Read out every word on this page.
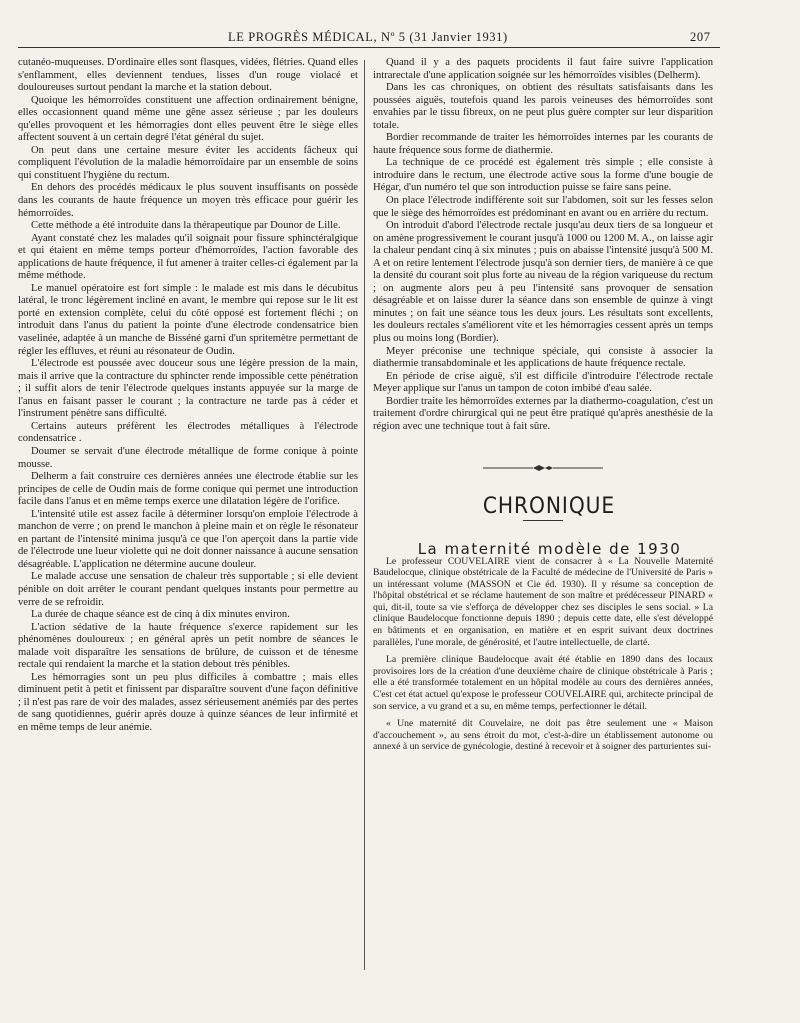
LE PROGRÈS MÉDICAL, Nº 5 (31 Janvier 1931)	207

cutanéo-muqueuses. D'ordinaire elles sont flasques, vidées, flétries. Quand elles s'enflamment, elles deviennent tendues, lisses d'un rouge violacé et douloureuses surtout pendant la marche et la station debout.

Quoique les hémorroïdes constituent une affection ordinairement bénigne, elles occasionnent quand même une gêne assez sérieuse ; par les douleurs qu'elles provoquent et les hémorragies dont elles peuvent être le siège elles affectent souvent à un certain degré l'état général du sujet.

On peut dans une certaine mesure éviter les accidents fâcheux qui compliquent l'évolution de la maladie hémorroïdaire par un ensemble de soins qui constituent l'hygiène du rectum.

En dehors des procédés médicaux le plus souvent insuffisants on possède dans les courants de haute fréquence un moyen très efficace pour guérir les hémorroïdes.

Cette méthode a été introduite dans la thérapeutique par Dounor de Lille.

Ayant constaté chez les malades qu'il soignait pour fissure sphinctéralgique et qui étaient en même temps porteur d'hémorroïdes, l'action favorable des applications de haute fréquence, il fut amener à traiter celles-ci également par la même méthode.

Le manuel opératoire est fort simple : le malade est mis dans le décubitus latéral, le tronc légèrement incliné en avant, le membre qui repose sur le lit est porté en extension complète, celui du côté opposé est fortement fléchi ; on introduit dans l'anus du patient la pointe d'une électrode condensatrice bien vaselinée, adaptée à un manche de Bisséné garni d'un spritemètre permettant de régler les effluves, et réuni au résonateur de Oudin.

L'électrode est poussée avec douceur sous une légère pression de la main, mais il arrive que la contracture du sphincter rende impossible cette pénétration ; il suffit alors de tenir l'électrode quelques instants appuyée sur la marge de l'anus en faisant passer le courant ; la contracture ne tarde pas à céder et l'instrument pénètre sans difficulté.

Certains auteurs préfèrent les électrodes métalliques à l'électrode condensatrice .

Doumer se servait d'une électrode métallique de forme conique à pointe mousse.

Delherm a fait construire ces dernières années une électrode établie sur les principes de celle de Oudin mais de forme conique qui permet une introduction facile dans l'anus et en même temps exerce une dilatation légère de l'orifice.

L'intensité utile est assez facile à déterminer lorsqu'on emploie l'électrode à manchon de verre ; on prend le manchon à pleine main et on règle le résonateur en partant de l'intensité minima jusqu'à ce que l'on aperçoit dans la partie vide de l'électrode une lueur violette qui ne doit donner naissance à aucune sensation désagréable. L'application ne détermine aucune douleur.

Le malade accuse une sensation de chaleur très supportable ; si elle devient pénible on doit arrêter le courant pendant quelques instants pour permettre au verre de se refroidir.

La durée de chaque séance est de cinq à dix minutes environ.

L'action sédative de la haute fréquence s'exerce rapidement sur les phénomènes douloureux ; en général après un petit nombre de séances le malade voit disparaître les sensations de brûlure, de cuisson et de ténesme rectale qui rendaient la marche et la station debout très pénibles.

Les hémorragies sont un peu plus difficiles à combattre ; mais elles diminuent petit à petit et finissent par disparaître souvent d'une façon définitive ; il n'est pas rare de voir des malades, assez sérieusement anémiés par des pertes de sang quotidiennes, guérir après douze à quinze séances de leur infirmité et en même temps de leur anémie.

Quand il y a des paquets procidents il faut faire suivre l'application intrarectale d'une application soignée sur les hémorroïdes visibles (Delherm).

Dans les cas chroniques, on obtient des résultats satisfaisants dans les poussées aiguës, toutefois quand les parois veineuses des hémorroïdes sont envahies par le tissu fibreux, on ne peut plus guère compter sur leur disparition totale.

Bordier recommande de traiter les hémorroïdes internes par les courants de haute fréquence sous forme de diathermie.

La technique de ce procédé est également très simple ; elle consiste à introduire dans le rectum, une électrode active sous la forme d'une bougie de Hégar, d'un numéro tel que son introduction puisse se faire sans peine.

On place l'électrode indifférente soit sur l'abdomen, soit sur les fesses selon que le siège des hémorroïdes est prédominant en avant ou en arrière du rectum.

On introduit d'abord l'électrode rectale jusqu'au deux tiers de sa longueur et on amène progressivement le courant jusqu'à 1000 ou 1200 M. A., on laisse agir la chaleur pendant cinq à six minutes ; puis on abaisse l'intensité jusqu'à 500 M. A et on retire lentement l'électrode jusqu'à son dernier tiers, de manière à ce que la densité du courant soit plus forte au niveau de la région variqueuse du rectum ; on augmente alors peu à peu l'intensité sans provoquer de sensation désagréable et on laisse durer la séance dans son ensemble de quinze à vingt minutes ; on fait une séance tous les deux jours. Les résultats sont excellents, les douleurs rectales s'améliorent vite et les hémorragies cessent après un temps plus ou moins long (Bordier).

Meyer préconise une technique spéciale, qui consiste à associer la diathermie transabdominale et les applications de haute fréquence rectale.

En période de crise aiguë, s'il est difficile d'introduire l'électrode rectale Meyer applique sur l'anus un tampon de coton imbibé d'eau salée.

Bordier traite les hémorroïdes externes par la diathermo-coagulation, c'est un traitement d'ordre chirurgical qui ne peut être pratiqué qu'après anesthésie de la région avec une technique tout à fait sûre.

CHRONIQUE

La maternité modèle de 1930

Le professeur COUVELAIRE vient de consacrer à « La Nouvelle Maternité Baudelocque, clinique obstétricale de la Faculté de médecine de l'Université de Paris » un intéressant volume (MASSON et Cie éd. 1930). Il y résume sa conception de l'hôpital obstétrical et se réclame hautement de son maître et prédécesseur PINARD « qui, dit-il, toute sa vie s'efforça de développer chez ses disciples le sens social. » La clinique Baudelocque fonctionne depuis 1890 ; depuis cette date, elle s'est développé en bâtiments et en organisation, en matière et en esprit suivant deux doctrines parallèles, l'une morale, de générosité, et l'autre intellectuelle, de clarté.

La première clinique Baudelocque avait été établie en 1890 dans des locaux provisoires lors de la création d'une deuxième chaire de clinique obstétricale à Paris ; elle a été transformée totalement en un hôpital modèle au cours des dernières années, C'est cet état actuel qu'expose le professeur COUVELAIRE qui, architecte principal de son service, a vu grand et a su, en même temps, perfectionner le détail.

« Une maternité dit Couvelaire, ne doit pas être seulement une « Maison d'accouchement », au sens étroit du mot, c'est-à-dire un établissement autonome ou annexé à un service de gynécologie, destiné à recevoir et à soigner des parturientes sui-
